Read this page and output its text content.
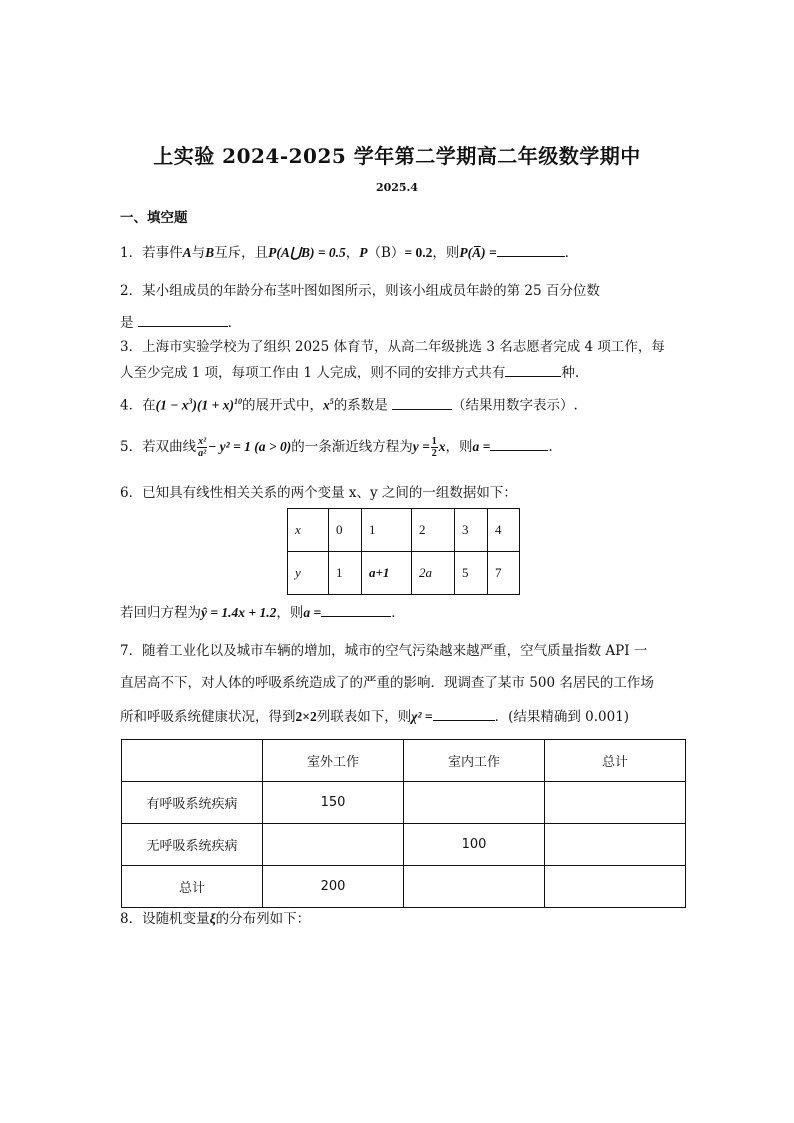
上实验 2024-2025 学年第二学期高二年级数学期中
2025.4
一、填空题
1．若事件A与B互斥，且P(A⋃B) = 0.5，P（B）= 0.2，则P(A̅) =	．
2．某小组成员的年龄分布茎叶图如图所示，则该小组成员年龄的第 25 百分位数
是	．
3．上海市实验学校为了组织 2025 体育节，从高二年级挑选 3 名志愿者完成 4 项工作，每
人至少完成 1 项，每项工作由 1 人完成，则不同的安排方式共有	种.
4．在$(1 - x^3)(1 + x)^{10}$的展开式中，$x^5$的系数是	（结果用数字表示）.
5．若双曲线 $\frac{\text{x²}}{\text{a²}} - y^2 = 1$ (a > 0)的一条渐近线方程为$y = \frac{1}{2}$ x，则a =	.
6．已知具有线性相关关系的两个变量 x、y 之间的一组数据如下：
x	0	1	2	3	4
y	1	a+1	2a	5	7
若回归方程为ŷ = 1.4x + 1.2，则a =	．
7．随着工业化以及城市车辆的增加，城市的空气污染越来越严重，空气质量指数 API 一
直居高不下，对人体的呼吸系统造成了的严重的影响．现调查了某市 500 名居民的工作场
所和呼吸系统健康状况，得到2×2列联表如下，则χ² =	．(结果精确到 0.001)
	室外工作	室内工作	总计
有呼吸系统疾病	150		
无呼吸系统疾病		100	
总计	200		
8．设随机变量ξ的分布列如下：
